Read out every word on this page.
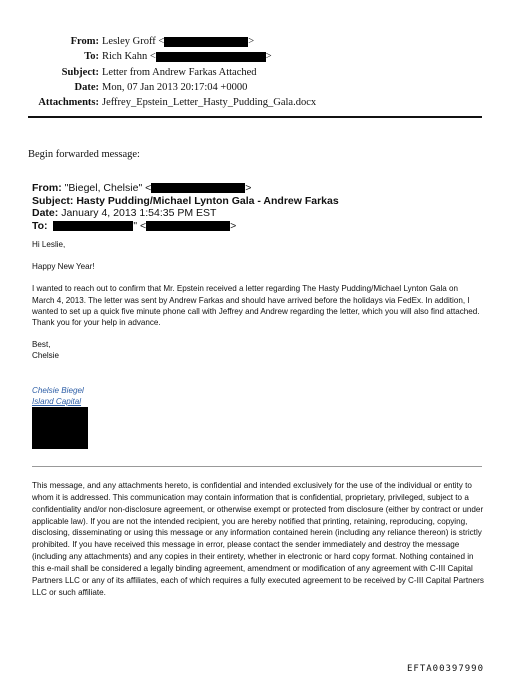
From: Lesley Groff <	>
To: Rich Kahn <	>
Subject: Letter from Andrew Farkas Attached
Date: Mon, 07 Jan 2013 20:17:04 +0000
Attachments: Jeffrey_Epstein_Letter_Hasty_Pudding_Gala.docx
Begin forwarded message:
From: "Biegel, Chelsie" <	>
Subject: Hasty Pudding/Michael Lynton Gala - Andrew Farkas
Date: January 4, 2013 1:54:35 PM EST
To:	" <	>

Hi Leslie,

Happy New Year!

I wanted to reach out to confirm that Mr. Epstein received a letter regarding The Hasty Pudding/Michael Lynton Gala on March 4, 2013. The letter was sent by Andrew Farkas and should have arrived before the holidays via FedEx. In addition, I wanted to set up a quick five minute phone call with Jeffrey and Andrew regarding the letter, which you will also find attached. Thank you for your help in advance.

Best,

Chelsie

Chelsie Biegel
Island Capital
This message, and any attachments hereto, is confidential and intended exclusively for the use of the individual or entity to whom it is addressed. This communication may contain information that is confidential, proprietary, privileged, subject to a confidentiality and/or non-disclosure agreement, or otherwise exempt or protected from disclosure (either by contract or under applicable law). If you are not the intended recipient, you are hereby notified that printing, retaining, reproducing, copying, disclosing, disseminating or using this message or any information contained herein (including any reliance thereon) is strictly prohibited. If you have received this message in error, please contact the sender immediately and destroy the message (including any attachments) and any copies in their entirety, whether in electronic or hard copy format. Nothing contained in this e-mail shall be considered a legally binding agreement, amendment or modification of any agreement with C-III Capital Partners LLC or any of its affiliates, each of which requires a fully executed agreement to be received by C-III Capital Partners LLC or such affiliate.
EFTA00397990
